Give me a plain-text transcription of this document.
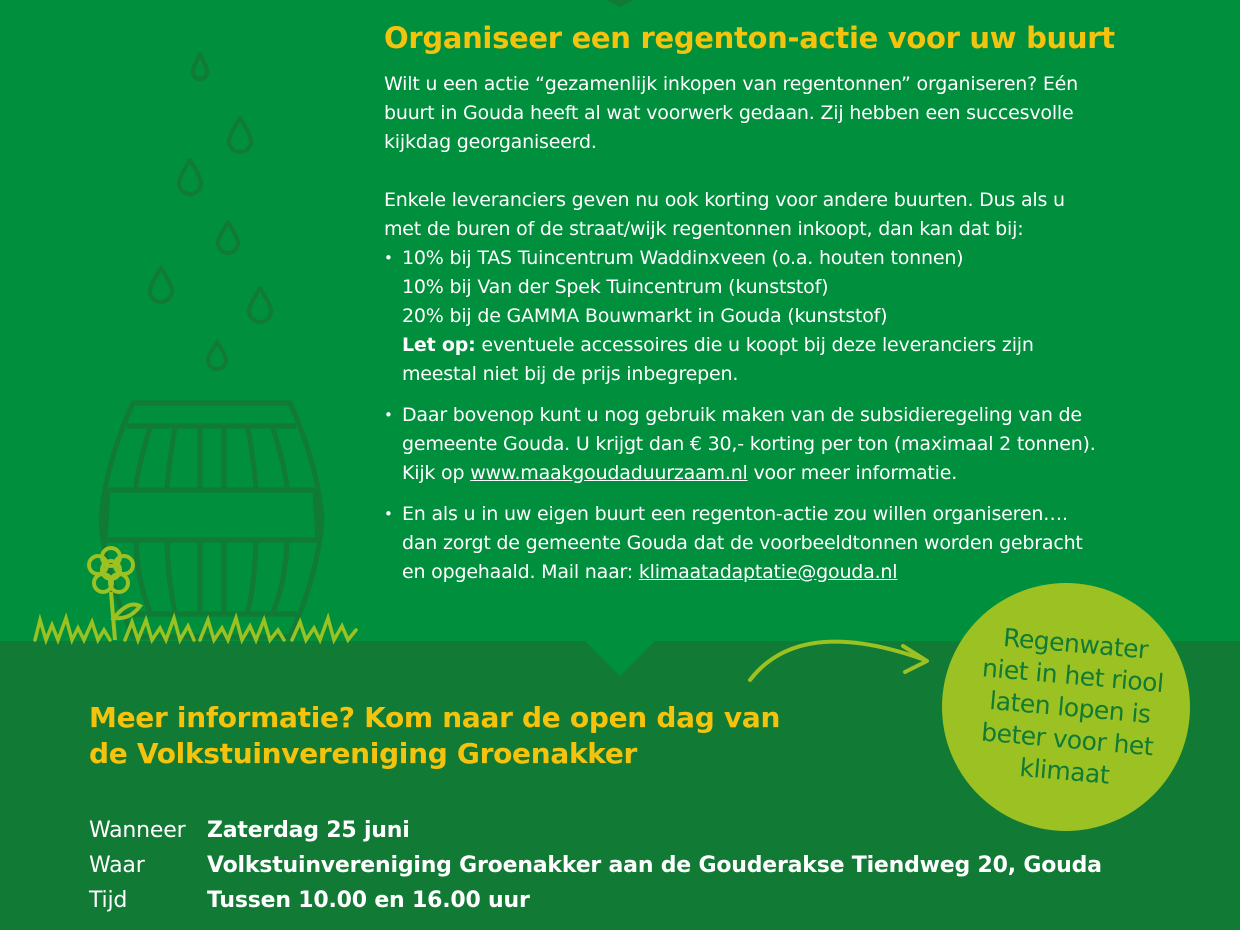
Organiseer een regenton-actie voor uw buurt

Wilt u een actie “gezamenlijk inkopen van regentonnen” organiseren? Eén
buurt in Gouda heeft al wat voorwerk gedaan. Zij hebben een succesvolle
kijkdag georganiseerd.

Enkele leveranciers geven nu ook korting voor andere buurten. Dus als u
met de buren of de straat/wijk regentonnen inkoopt, dan kan dat bij:

• 10% bij TAS Tuincentrum Waddinxveen (o.a. houten tonnen)
10% bij Van der Spek Tuincentrum (kunststof)
20% bij de GAMMA Bouwmarkt in Gouda (kunststof)
Let op: eventuele accessoires die u koopt bij deze leveranciers zijn
meestal niet bij de prijs inbegrepen.
• Daar bovenop kunt u nog gebruik maken van de subsidieregeling van de
gemeente Gouda. U krijgt dan € 30,- korting per ton (maximaal 2 tonnen).
Kijk op www.maakgoudaduurzaam.nl voor meer informatie.
• En als u in uw eigen buurt een regenton-actie zou willen organiseren….
dan zorgt de gemeente Gouda dat de voorbeeldtonnen worden gebracht
en opgehaald. Mail naar: klimaatadaptatie@gouda.nl
Regenwater
niet in het riool
laten lopen is
beter voor het
klimaat
Meer informatie? Kom naar de open dag van
de Volkstuinvereniging Groenakker
Wanneer Zaterdag 25 juni
Waar	Volkstuinvereniging Groenakker aan de Gouderakse Tiendweg 20, Gouda
Tijd	Tussen 10.00 en 16.00 uur
